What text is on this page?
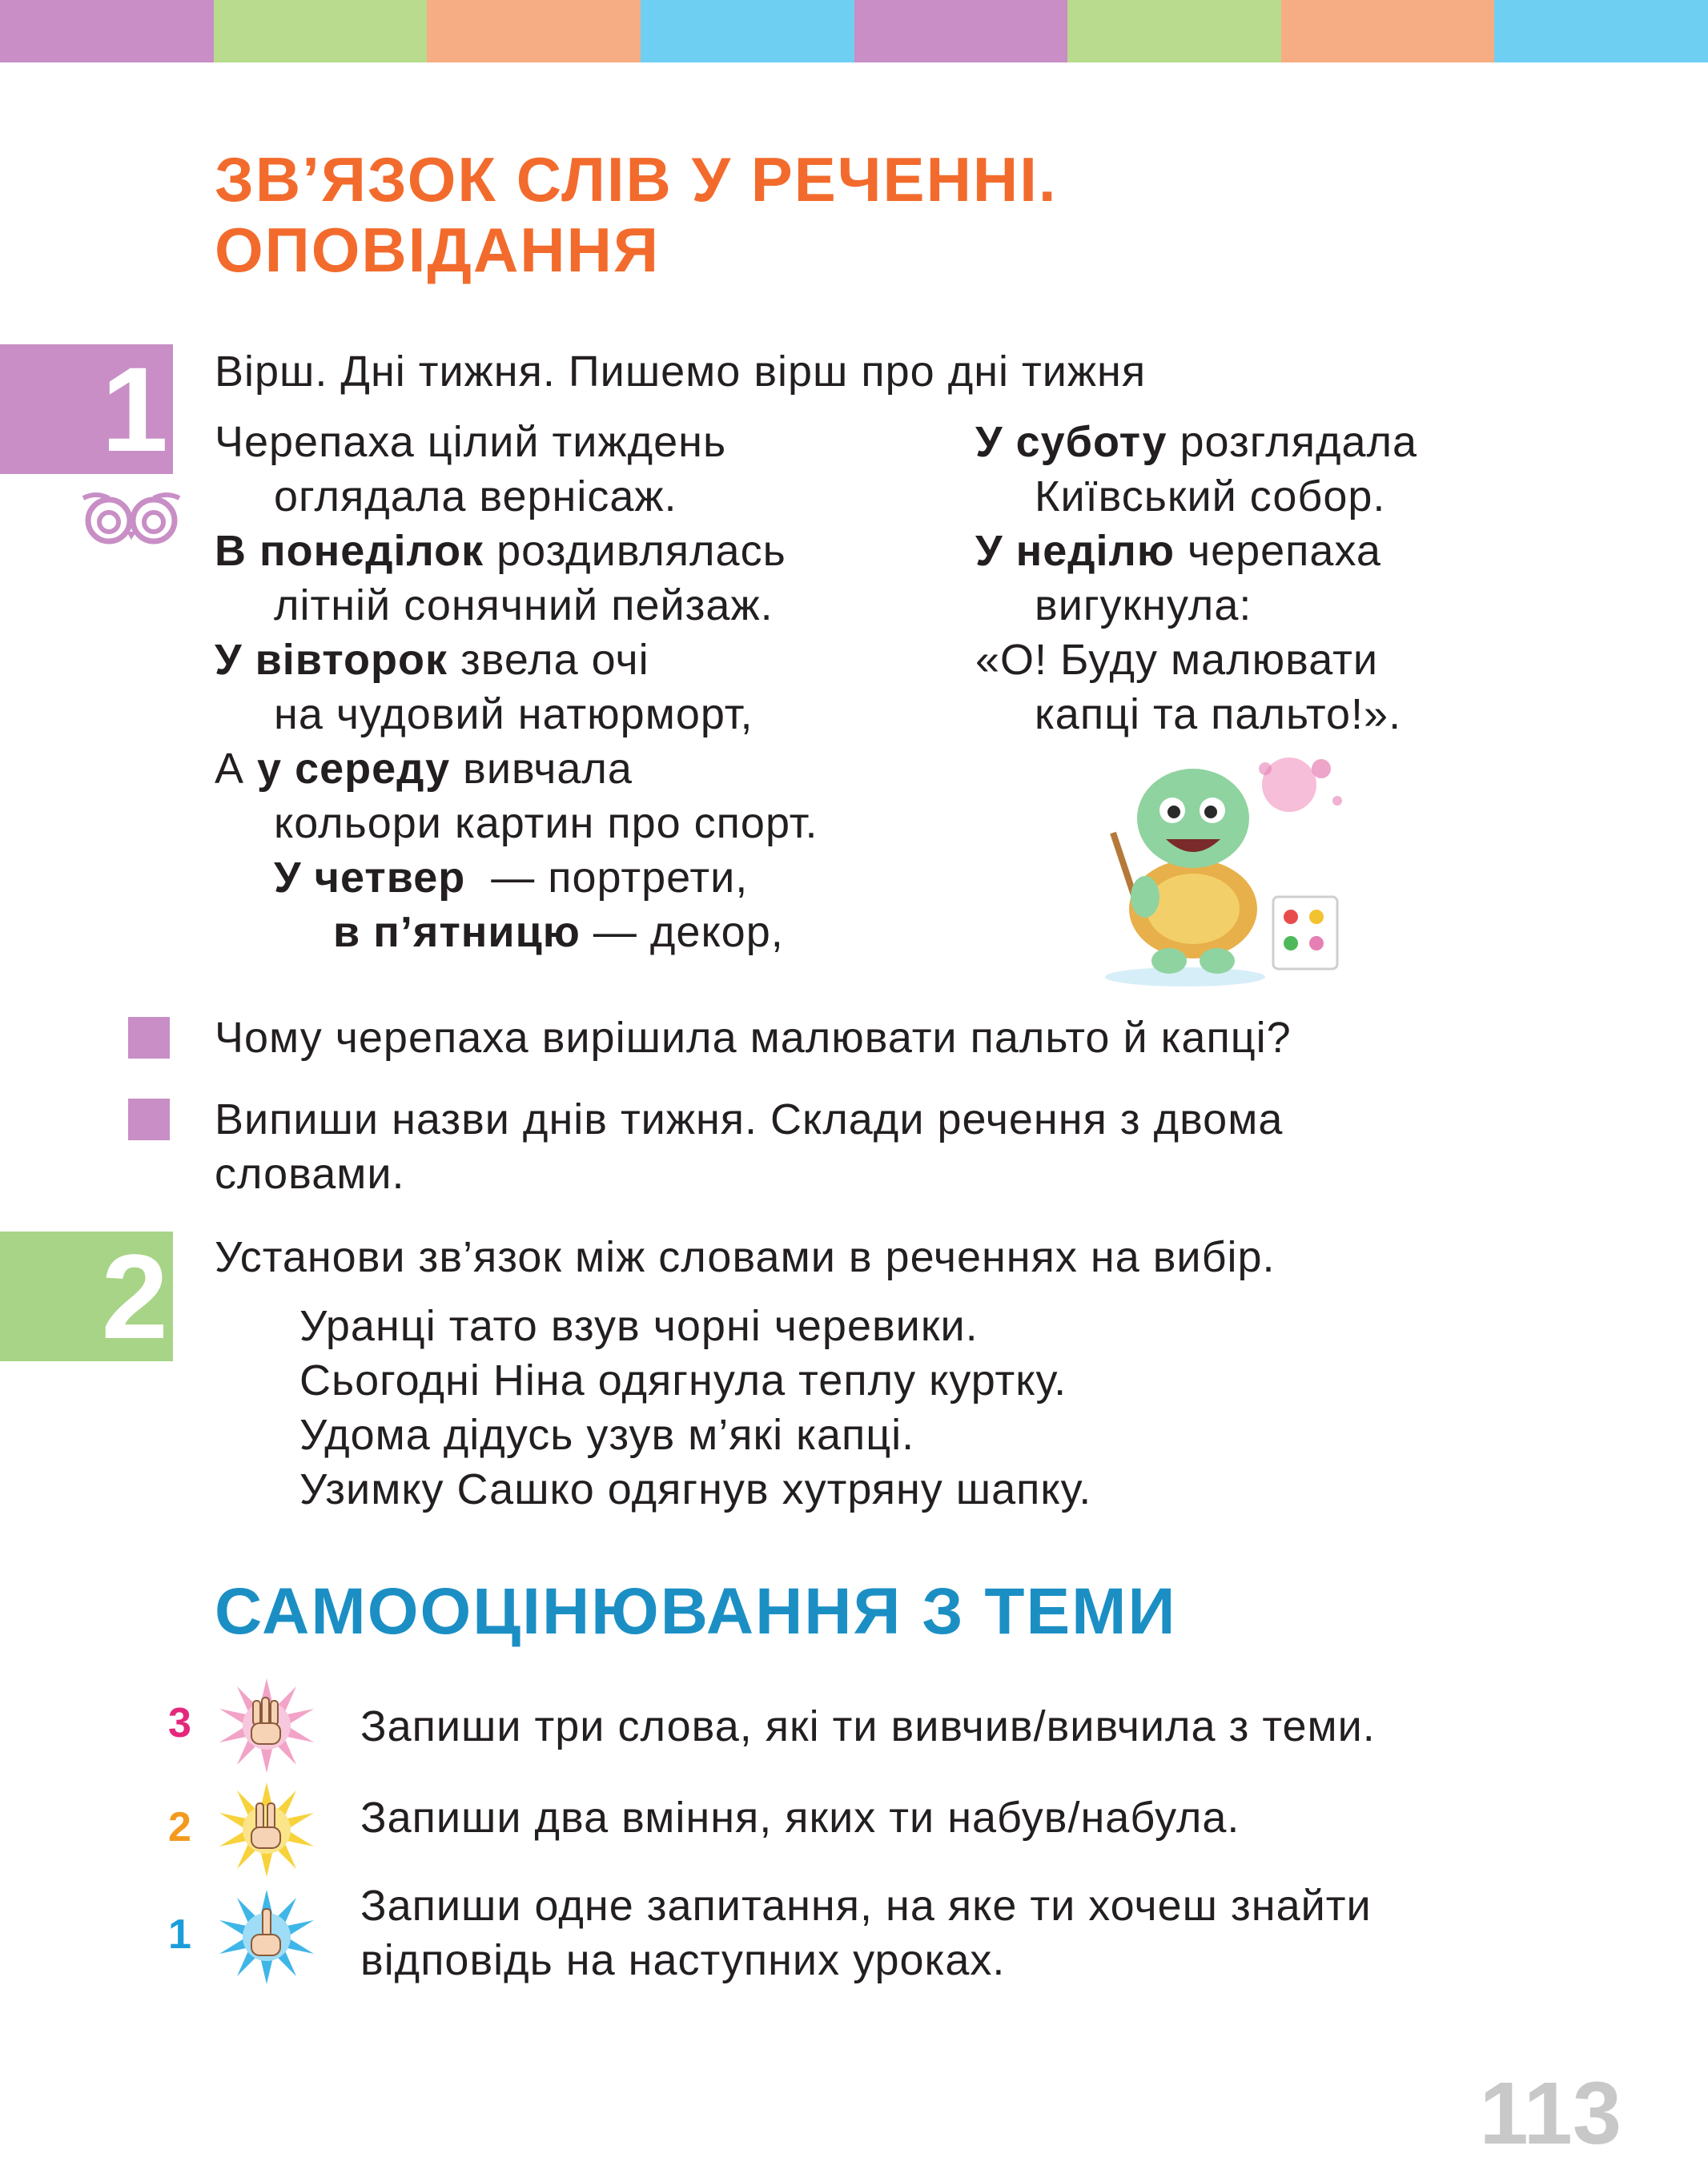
ЗВ’ЯЗОК СЛІВ У РЕЧЕННІ.
ОПОВІДАННЯ
1 Вірш. Дні тижня. Пишемо вірш про дні тижня
Черепаха цілий тиждень
оглядала вернісаж.
В понеділок роздивлялась
літній сонячний пейзаж.
У вівторок звела очі
на чудовий натюрморт,
А у середу вивчала
кольори картин про спорт.
У четвер  — портрети,
в п’ятницю — декор,
У суботу розглядала
Київський собор.
У неділю черепаха
вигукнула:
«О! Буду малювати
капці та пальто!».
Чому черепаха вирішила малювати пальто й капці?
Випиши назви днів тижня. Склади речення з двома
словами.
2 Установи зв’язок між словами в реченнях на вибір.
Уранці тато взув чорні черевики.
Сьогодні Ніна одягнула теплу куртку.
Удома дідусь узув м’які капці.
Узимку Сашко одягнув хутряну шапку.
САМООЦІНЮВАННЯ З ТЕМИ
3	Запиши три слова, які ти вивчив/вивчила з теми.
2	Запиши два вміння, яких ти набув/набула.
1
Запиши одне запитання, на яке ти хочеш знайти
відповідь на наступних уроках.
113
